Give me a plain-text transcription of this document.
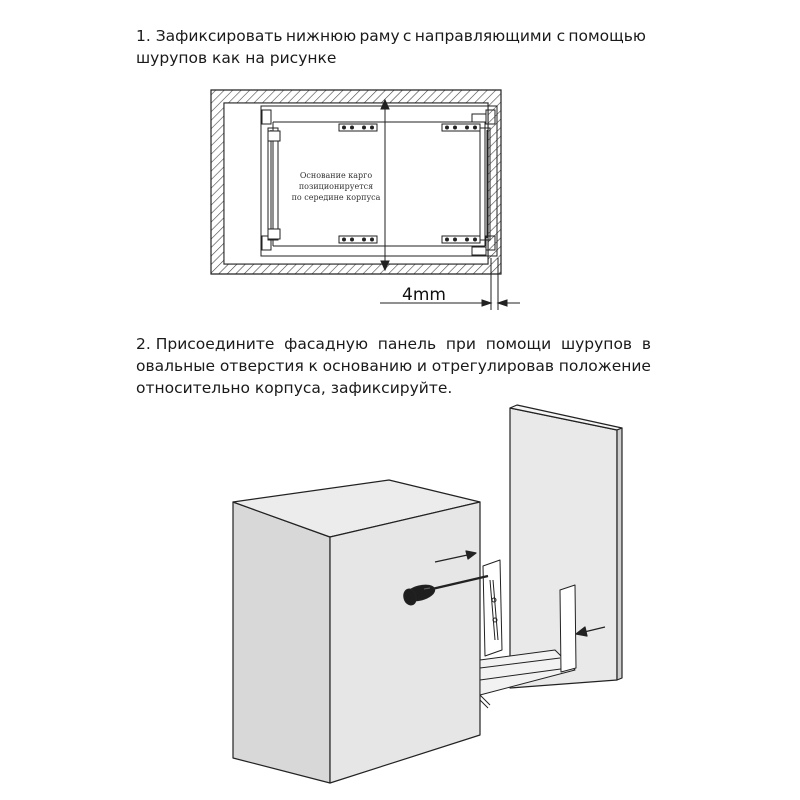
1. Зафиксировать нижнюю раму с направляющими с помощью
шурупов как на рисунке
Основание карго
позиционируется
по середине корпуса
4mm
2. Присоедините фасадную панель при помощи шурупов в
овальные отверстия к основанию и отрегулировав положение
относительно корпуса, зафиксируйте.
